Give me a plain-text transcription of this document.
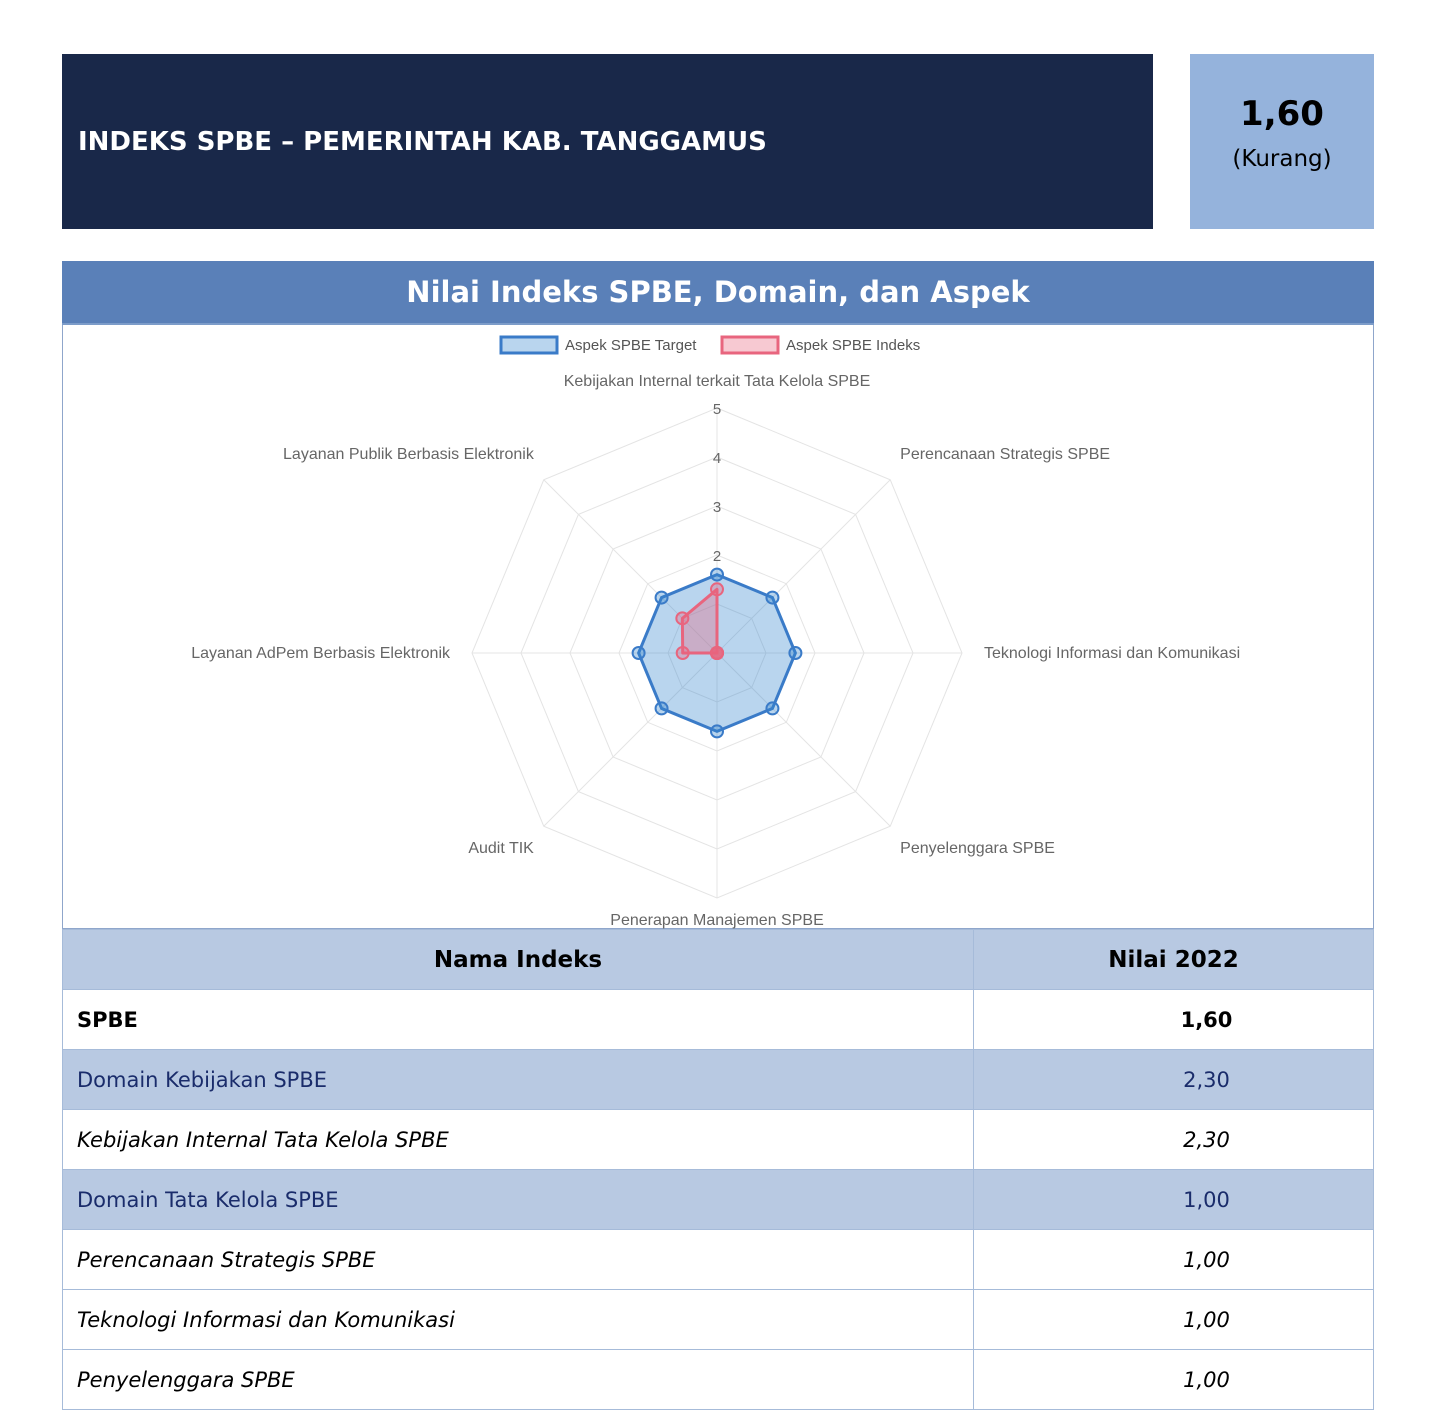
INDEKS SPBE – PEMERINTAH KAB. TANGGAMUS
1,60
(Kurang)
Nilai Indeks SPBE, Domain, dan Aspek
2
3
4
5
Kebijakan Internal terkait Tata Kelola SPBE
Perencanaan Strategis SPBE
Teknologi Informasi dan Komunikasi
Penyelenggara SPBE
Penerapan Manajemen SPBE
Audit TIK
Layanan AdPem Berbasis Elektronik
Layanan Publik Berbasis Elektronik
Aspek SPBE Target	Aspek SPBE Indeks
Nama Indeks	Nilai 2022
SPBE	1,60
Domain Kebijakan SPBE	2,30
Kebijakan Internal Tata Kelola SPBE	2,30
Domain Tata Kelola SPBE	1,00
Perencanaan Strategis SPBE	1,00
Teknologi Informasi dan Komunikasi	1,00
Penyelenggara SPBE	1,00
